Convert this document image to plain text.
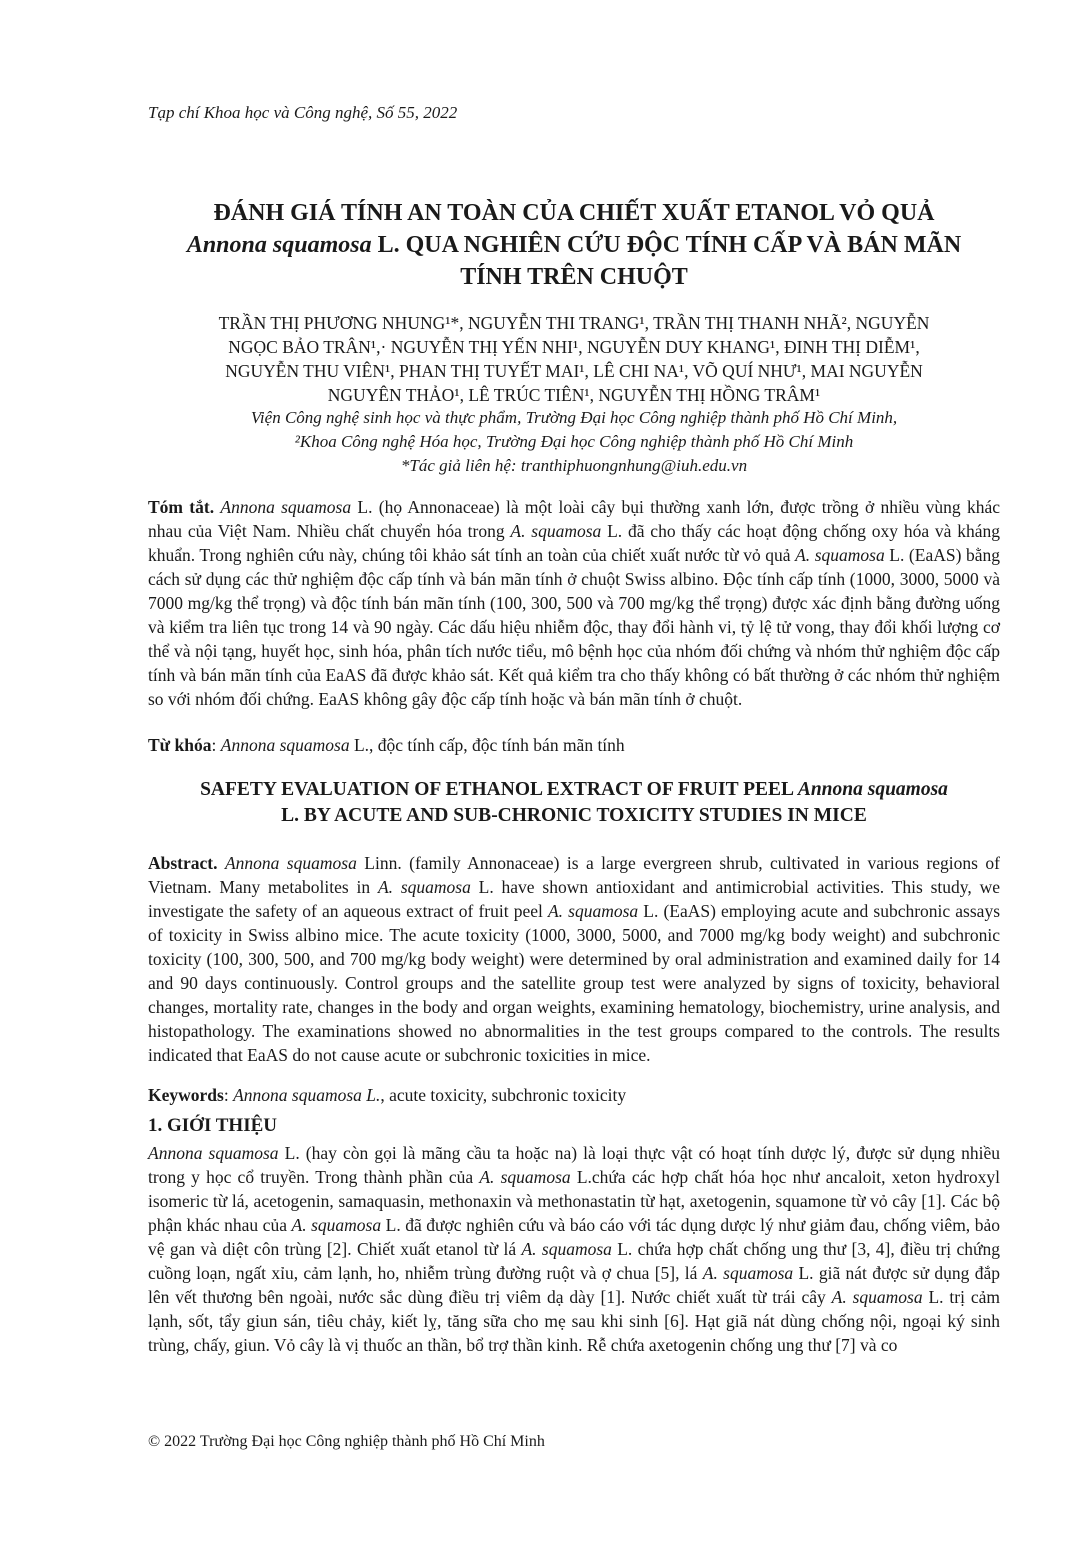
Tạp chí Khoa học và Công nghệ, Số 55, 2022
ĐÁNH GIÁ TÍNH AN TOÀN CỦA CHIẾT XUẤT ETANOL VỎ QUẢ
Annona squamosa L. QUA NGHIÊN CỨU ĐỘC TÍNH CẤP VÀ BÁN MÃN
TÍNH TRÊN CHUỘT
TRẦN THỊ PHƯƠNG NHUNG¹*, NGUYỄN THI TRANG¹, TRẦN THỊ THANH NHÃ², NGUYỄN
NGỌC BẢO TRÂN¹,· NGUYỄN THỊ YẾN NHI¹, NGUYỄN DUY KHANG¹, ĐINH THỊ DIỄM¹,
NGUYỄN THU VIÊN¹, PHAN THỊ TUYẾT MAI¹, LÊ CHI NA¹, VÕ QUÍ NHƯ¹, MAI NGUYỄN
NGUYÊN THẢO¹, LÊ TRÚC TIÊN¹, NGUYỄN THỊ HỒNG TRÂM¹
Viện Công nghệ sinh học và thực phẩm, Trường Đại học Công nghiệp thành phố Hồ Chí Minh,
²Khoa Công nghệ Hóa học, Trường Đại học Công nghiệp thành phố Hồ Chí Minh
*Tác giả liên hệ: tranthiphuongnhung@iuh.edu.vn

Tóm tắt. Annona squamosa L. (họ Annonaceae) là một loài cây bụi thường xanh lớn, được trồng ở nhiều vùng khác nhau của Việt Nam. Nhiều chất chuyển hóa trong A. squamosa L. đã cho thấy các hoạt động chống oxy hóa và kháng khuẩn. Trong nghiên cứu này, chúng tôi khảo sát tính an toàn của chiết xuất nước từ vỏ quả A. squamosa L. (EaAS) bằng cách sử dụng các thử nghiệm độc cấp tính và bán mãn tính ở chuột Swiss albino. Độc tính cấp tính (1000, 3000, 5000 và 7000 mg/kg thể trọng) và độc tính bán mãn tính (100, 300, 500 và 700 mg/kg thể trọng) được xác định bằng đường uống và kiểm tra liên tục trong 14 và 90 ngày. Các dấu hiệu nhiễm độc, thay đổi hành vi, tỷ lệ tử vong, thay đổi khối lượng cơ thể và nội tạng, huyết học, sinh hóa, phân tích nước tiểu, mô bệnh học của nhóm đối chứng và nhóm thử nghiệm độc cấp tính và bán mãn tính của EaAS đã được khảo sát. Kết quả kiểm tra cho thấy không có bất thường ở các nhóm thử nghiệm so với nhóm đối chứng. EaAS không gây độc cấp tính hoặc và bán mãn tính ở chuột.

Từ khóa: Annona squamosa L., độc tính cấp, độc tính bán mãn tính

SAFETY EVALUATION OF ETHANOL EXTRACT OF FRUIT PEEL Annona squamosa
L. BY ACUTE AND SUB-CHRONIC TOXICITY STUDIES IN MICE

Abstract. Annona squamosa Linn. (family Annonaceae) is a large evergreen shrub, cultivated in various regions of Vietnam. Many metabolites in A. squamosa L. have shown antioxidant and antimicrobial activities. This study, we investigate the safety of an aqueous extract of fruit peel A. squamosa L. (EaAS) employing acute and subchronic assays of toxicity in Swiss albino mice. The acute toxicity (1000, 3000, 5000, and 7000 mg/kg body weight) and subchronic toxicity (100, 300, 500, and 700 mg/kg body weight) were determined by oral administration and examined daily for 14 and 90 days continuously. Control groups and the satellite group test were analyzed by signs of toxicity, behavioral changes, mortality rate, changes in the body and organ weights, examining hematology, biochemistry, urine analysis, and histopathology. The examinations showed no abnormalities in the test groups compared to the controls. The results indicated that EaAS do not cause acute or subchronic toxicities in mice.

Keywords: Annona squamosa L., acute toxicity, subchronic toxicity

1. GIỚI THIỆU

Annona squamosa L. (hay còn gọi là mãng cầu ta hoặc na) là loại thực vật có hoạt tính dược lý, được sử dụng nhiều trong y học cổ truyền. Trong thành phần của A. squamosa L.chứa các hợp chất hóa học như ancaloit, xeton hydroxyl isomeric từ lá, acetogenin, samaquasin, methonaxin và methonastatin từ hạt, axetogenin, squamone từ vỏ cây [1]. Các bộ phận khác nhau của A. squamosa L. đã được nghiên cứu và báo cáo với tác dụng dược lý như giảm đau, chống viêm, bảo vệ gan và diệt côn trùng [2]. Chiết xuất etanol từ lá A. squamosa L. chứa hợp chất chống ung thư [3, 4], điều trị chứng cuồng loạn, ngất xỉu, cảm lạnh, ho, nhiễm trùng đường ruột và ợ chua [5], lá A. squamosa L. giã nát được sử dụng đắp lên vết thương bên ngoài, nước sắc dùng điều trị viêm dạ dày [1]. Nước chiết xuất từ trái cây A. squamosa L. trị cảm lạnh, sốt, tẩy giun sán, tiêu chảy, kiết lỵ, tăng sữa cho mẹ sau khi sinh [6]. Hạt giã nát dùng chống nội, ngoại ký sinh trùng, chấy, giun. Vỏ cây là vị thuốc an thần, bổ trợ thần kinh. Rễ chứa axetogenin chống ung thư [7] và co

© 2022 Trường Đại học Công nghiệp thành phố Hồ Chí Minh
